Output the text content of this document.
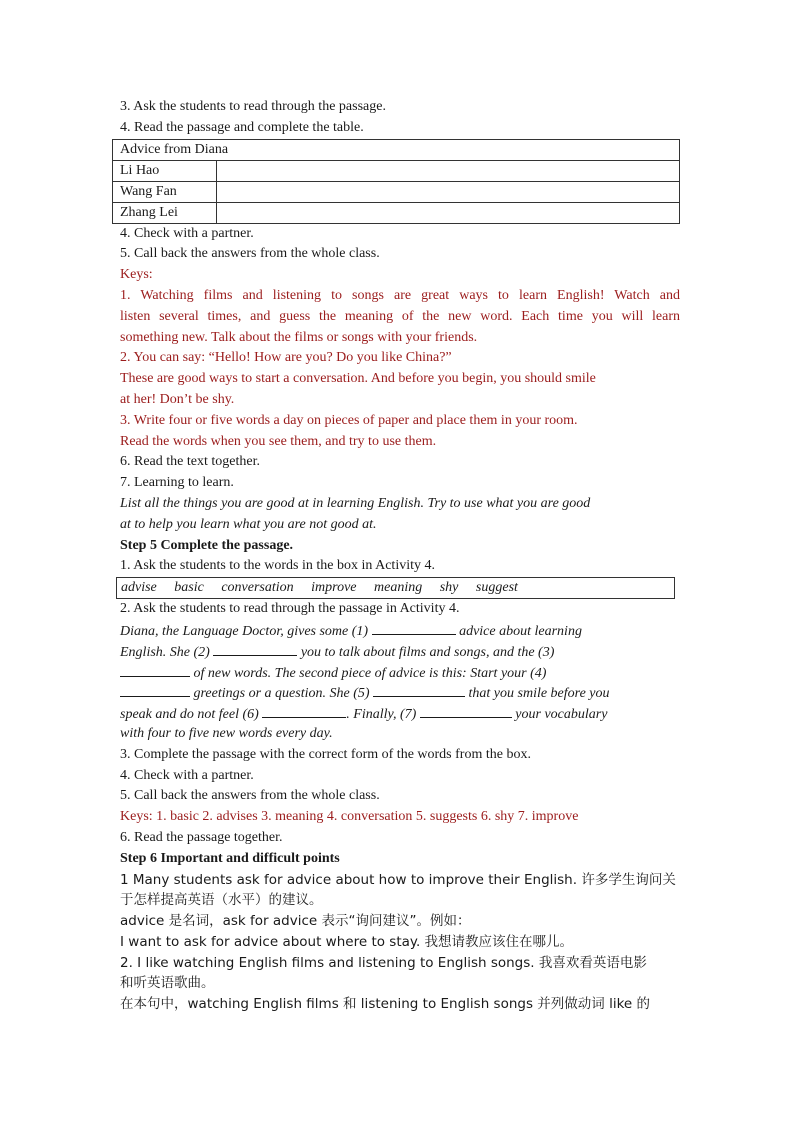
3. Ask the students to read through the passage.
4. Read the passage and complete the table.
Advice from Diana	
Li Hao	
Wang Fan	
Zhang Lei	
4. Check with a partner.
5. Call back the answers from the whole class.
Keys:
1. Watching films and listening to songs are great ways to learn English! Watch and
listen several times, and guess the meaning of the new word. Each time you will learn
something new. Talk about the films or songs with your friends.
2. You can say: “Hello! How are you? Do you like China?”
These are good ways to start a conversation. And before you begin, you should smile
at her! Don’t be shy.
3. Write four or five words a day on pieces of paper and place them in your room.
Read the words when you see them, and try to use them.
6. Read the text together.
7. Learning to learn.
List all the things you are good at in learning English. Try to use what you are good
at to help you learn what you are not good at.
Step 5 Complete the passage.
1. Ask the students to the words in the box in Activity 4.
advise basic conversation improve meaning shy suggest
2. Ask the students to read through the passage in Activity 4.
Diana, the Language Doctor, gives some (1)	advice about learning
English. She (2)	you to talk about films and songs, and the (3)
of new words. The second piece of advice is this: Start your (4)
greetings or a question. She (5)	that you smile before you
speak and do not feel (6)	. Finally, (7)	your vocabulary
with four to five new words every day.
3. Complete the passage with the correct form of the words from the box.
4. Check with a partner.
5. Call back the answers from the whole class.
Keys: 1. basic 2. advises 3. meaning 4. conversation 5. suggests 6. shy 7. improve
6. Read the passage together.
Step 6 Important and difficult points
1 Many students ask for advice about how to improve their English. 许多学生询问关
于怎样提高英语（水平）的建议。
advice 是名词，ask for advice 表示“询问建议”。例如：
I want to ask for advice about where to stay. 我想请教应该住在哪儿。
2. I like watching English films and listening to English songs. 我喜欢看英语电影
和听英语歌曲。
在本句中，watching English films 和 listening to English songs 并列做动词 like 的
